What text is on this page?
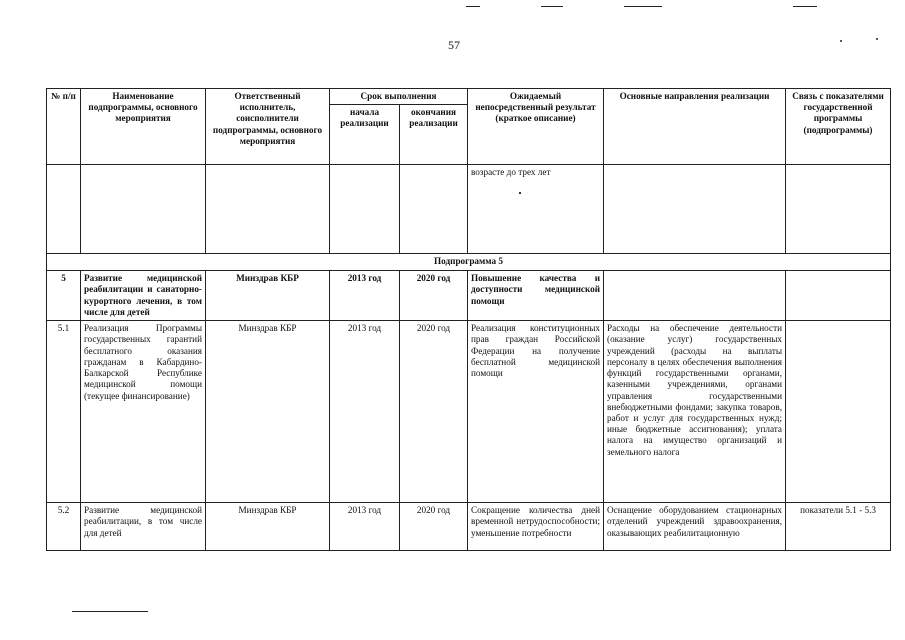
57
№ п/п	Наименование подпрограммы, основного мероприятия	Ответственный исполнитель, соисполнители подпрограммы, основного мероприятия	Срок выполнения		Ожидаемый непосредственный результат (краткое описание)	Основные направления реализации	Связь с показателями государственной программы (подпрограммы)
			начала реализации	окончания реализации			
					возрасте до трех лет

Подпрограмма 5							
5	Развитие медицинской реабилитации и санаторно-курортного лечения, в том числе для детей	Минздрав КБР	2013 год	2020 год	Повышение качества и доступности медицинской помощи		
5.1	Реализация Программы государственных гарантий бесплатного оказания гражданам в Кабардино-Балкарской Республике медицинской помощи (текущее финансирование)	Минздрав КБР	2013 год	2020 год	Реализация конституционных прав граждан Российской Федерации на получение бесплатной медицинской помощи	Расходы на обеспечение деятельности (оказание услуг) государственных учреждений (расходы на выплаты персоналу в целях обеспечения выполнения функций государственными органами, казенными учреждениями, органами управления государственными внебюджетными фондами; закупка товаров, работ и услуг для государственных нужд; иные бюджетные ассигнования); уплата налога на имущество организаций и земельного налога	
5.2	Развитие медицинской реабилитации, в том числе для детей	Минздрав КБР	2013 год	2020 год	Сокращение количества дней временной нетрудоспособности; уменьшение потребности	Оснащение оборудованием стационарных отделений учреждений здравоохранения, оказывающих реабилитационную	показатели 5.1 - 5.3
